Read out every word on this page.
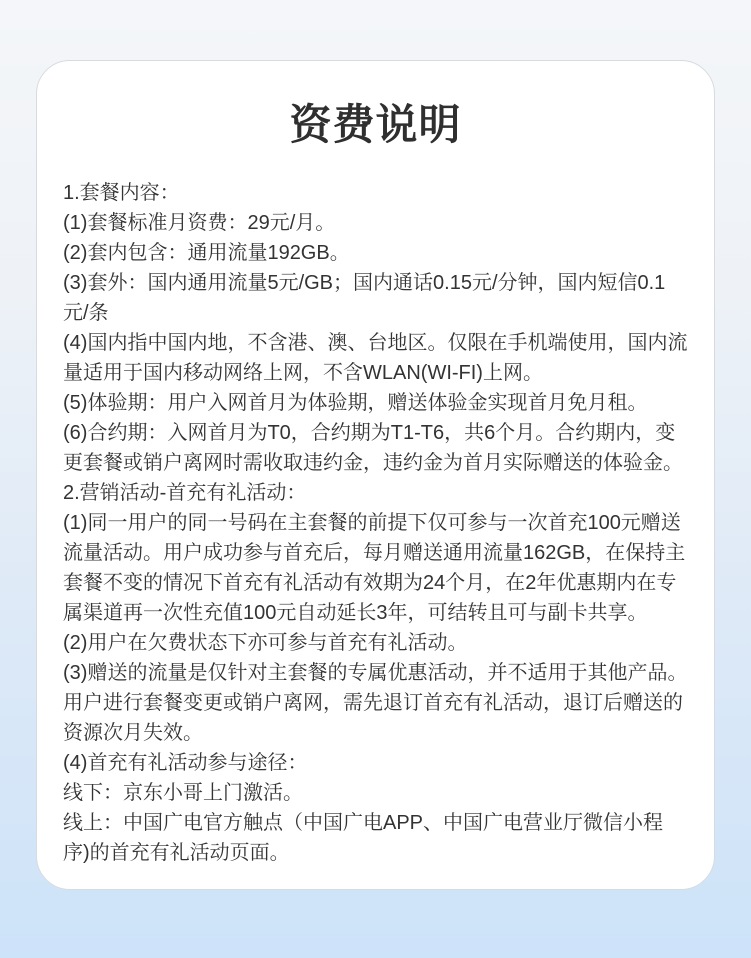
资费说明

1.套餐内容：

(1)套餐标准月资费：29元/月。

(2)套内包含：通用流量192GB。

(3)套外：国内通用流量5元/GB；国内通话0.15元/分钟，国内短信0.1元/条

(4)国内指中国内地，不含港、澳、台地区。仅限在手机端使用，国内流量适用于国内移动网络上网，不含WLAN(WI-FI)上网。

(5)体验期：用户入网首月为体验期，赠送体验金实现首月免月租。

(6)合约期：入网首月为T0，合约期为T1-T6，共6个月。合约期内，变更套餐或销户离网时需收取违约金，违约金为首月实际赠送的体验金。

2.营销活动-首充有礼活动：

(1)同一用户的同一号码在主套餐的前提下仅可参与一次首充100元赠送流量活动。用户成功参与首充后，每月赠送通用流量162GB，在保持主套餐不变的情况下首充有礼活动有效期为24个月，在2年优惠期内在专属渠道再一次性充值100元自动延长3年，可结转且可与副卡共享。

(2)用户在欠费状态下亦可参与首充有礼活动。

(3)赠送的流量是仅针对主套餐的专属优惠活动，并不适用于其他产品。用户进行套餐变更或销户离网，需先退订首充有礼活动，退订后赠送的资源次月失效。

(4)首充有礼活动参与途径：

线下：京东小哥上门激活。

线上：中国广电官方触点（中国广电APP、中国广电营业厅微信小程序)的首充有礼活动页面。
